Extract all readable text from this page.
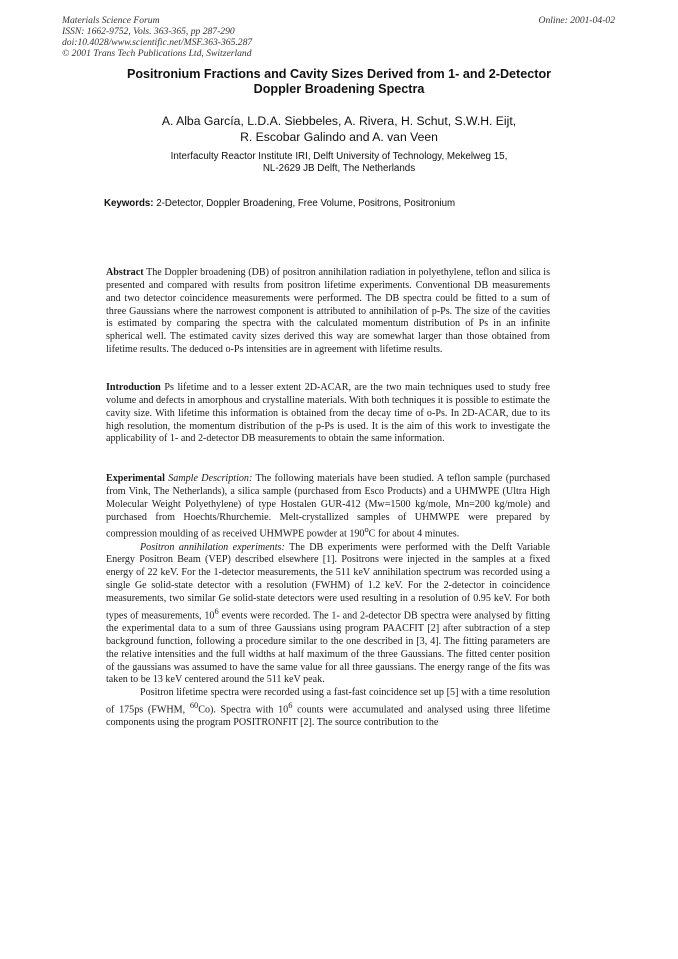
Materials Science Forum
ISSN: 1662-9752, Vols. 363-365, pp 287-290
doi:10.4028/www.scientific.net/MSF.363-365.287
© 2001 Trans Tech Publications Ltd, Switzerland
Online: 2001-04-02
Positronium Fractions and Cavity Sizes Derived from 1- and 2-Detector
Doppler Broadening Spectra
A. Alba García, L.D.A. Siebbeles, A. Rivera, H. Schut, S.W.H. Eijt,
R. Escobar Galindo and A. van Veen
Interfaculty Reactor Institute IRI, Delft University of Technology, Mekelweg 15,
NL-2629 JB Delft, The Netherlands
Keywords: 2-Detector, Doppler Broadening, Free Volume, Positrons, Positronium

Abstract The Doppler broadening (DB) of positron annihilation radiation in polyethylene, teflon and silica is presented and compared with results from positron lifetime experiments. Conventional DB measurements and two detector coincidence measurements were performed. The DB spectra could be fitted to a sum of three Gaussians where the narrowest component is attributed to annihilation of p-Ps. The size of the cavities is estimated by comparing the spectra with the calculated momentum distribution of Ps in an infinite spherical well. The estimated cavity sizes derived this way are somewhat larger than those obtained from lifetime results. The deduced o-Ps intensities are in agreement with lifetime results.

Introduction Ps lifetime and to a lesser extent 2D-ACAR, are the two main techniques used to study free volume and defects in amorphous and crystalline materials. With both techniques it is possible to estimate the cavity size. With lifetime this information is obtained from the decay time of o-Ps. In 2D-ACAR, due to its high resolution, the momentum distribution of the p-Ps is used. It is the aim of this work to investigate the applicability of 1- and 2-detector DB measurements to obtain the same information.

Experimental Sample Description: The following materials have been studied. A teflon sample (purchased from Vink, The Netherlands), a silica sample (purchased from Esco Products) and a UHMWPE (Ultra High Molecular Weight Polyethylene) of type Hostalen GUR-412 (Mw=1500 kg/mole, Mn=200 kg/mole) and purchased from Hoechts/Rhurchemie. Melt-crystallized samples of UHMWPE were prepared by compression moulding of as received UHMWPE powder at 190$^o$C for about 4 minutes.

Positron annihilation experiments: The DB experiments were performed with the Delft Variable Energy Positron Beam (VEP) described elsewhere [1]. Positrons were injected in the samples at a fixed energy of 22 keV. For the 1-detector measurements, the 511 keV annihilation spectrum was recorded using a single Ge solid-state detector with a resolution (FWHM) of 1.2 keV. For the 2-detector in coincidence measurements, two similar Ge solid-state detectors were used resulting in a resolution of 0.95 keV. For both types of measurements, $10^6$ events were recorded. The 1- and 2-detector DB spectra were analysed by fitting the experimental data to a sum of three Gaussians using program PAACFIT [2] after subtraction of a step background function, following a procedure similar to the one described in [3, 4]. The fitting parameters are the relative intensities and the full widths at half maximum of the three Gaussians. The fitted center position of the gaussians was assumed to have the same value for all three gaussians. The energy range of the fits was taken to be 13 keV centered around the 511 keV peak.

Positron lifetime spectra were recorded using a fast-fast coincidence set up [5] with a time resolution of 175ps (FWHM, $^{60}$Co). Spectra with $10^6$ counts were accumulated and analysed using three lifetime components using the program POSITRONFIT [2]. The source contribution to the
